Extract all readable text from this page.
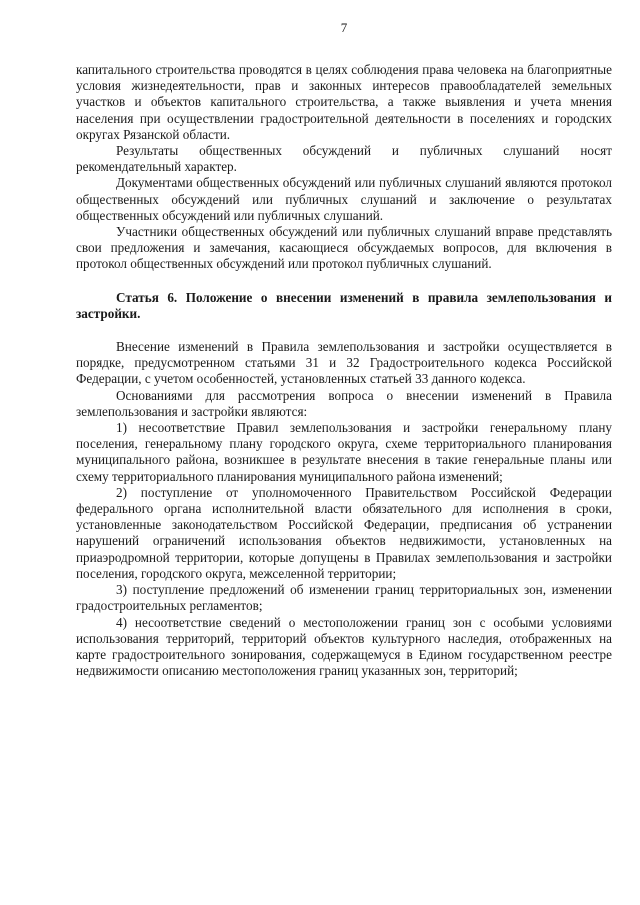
7

капитального строительства проводятся в целях соблюдения права человека на благоприятные условия жизнедеятельности, прав и законных интересов правообладателей земельных участков и объектов капитального строительства, а также выявления и учета мнения населения при осуществлении градостроительной деятельности в поселениях и городских округах Рязанской области.

Результаты общественных обсуждений и публичных слушаний носят рекомендательный характер.

Документами общественных обсуждений или публичных слушаний являются протокол общественных обсуждений или публичных слушаний и заключение о результатах общественных обсуждений или публичных слушаний.

Участники общественных обсуждений или публичных слушаний вправе представлять свои предложения и замечания, касающиеся обсуждаемых вопросов, для включения в протокол общественных обсуждений или протокол публичных слушаний.

Статья 6. Положение о внесении изменений в правила землепользования и застройки.

Внесение изменений в Правила землепользования и застройки осуществляется в порядке, предусмотренном статьями 31 и 32 Градостроительного кодекса Российской Федерации, с учетом особенностей, установленных статьей 33 данного кодекса.

Основаниями для рассмотрения вопроса о внесении изменений в Правила землепользования и застройки являются:

1) несоответствие Правил землепользования и застройки генеральному плану поселения, генеральному плану городского округа, схеме территориального планирования муниципального района, возникшее в результате внесения в такие генеральные планы или схему территориального планирования муниципального района изменений;

2) поступление от уполномоченного Правительством Российской Федерации федерального органа исполнительной власти обязательного для исполнения в сроки, установленные законодательством Российской Федерации, предписания об устранении нарушений ограничений использования объектов недвижимости, установленных на приаэродромной территории, которые допущены в Правилах землепользования и застройки поселения, городского округа, межселенной территории;

3) поступление предложений об изменении границ территориальных зон, изменении градостроительных регламентов;

4) несоответствие сведений о местоположении границ зон с особыми условиями использования территорий, территорий объектов культурного наследия, отображенных на карте градостроительного зонирования, содержащемуся в Едином государственном реестре недвижимости описанию местоположения границ указанных зон, территорий;
